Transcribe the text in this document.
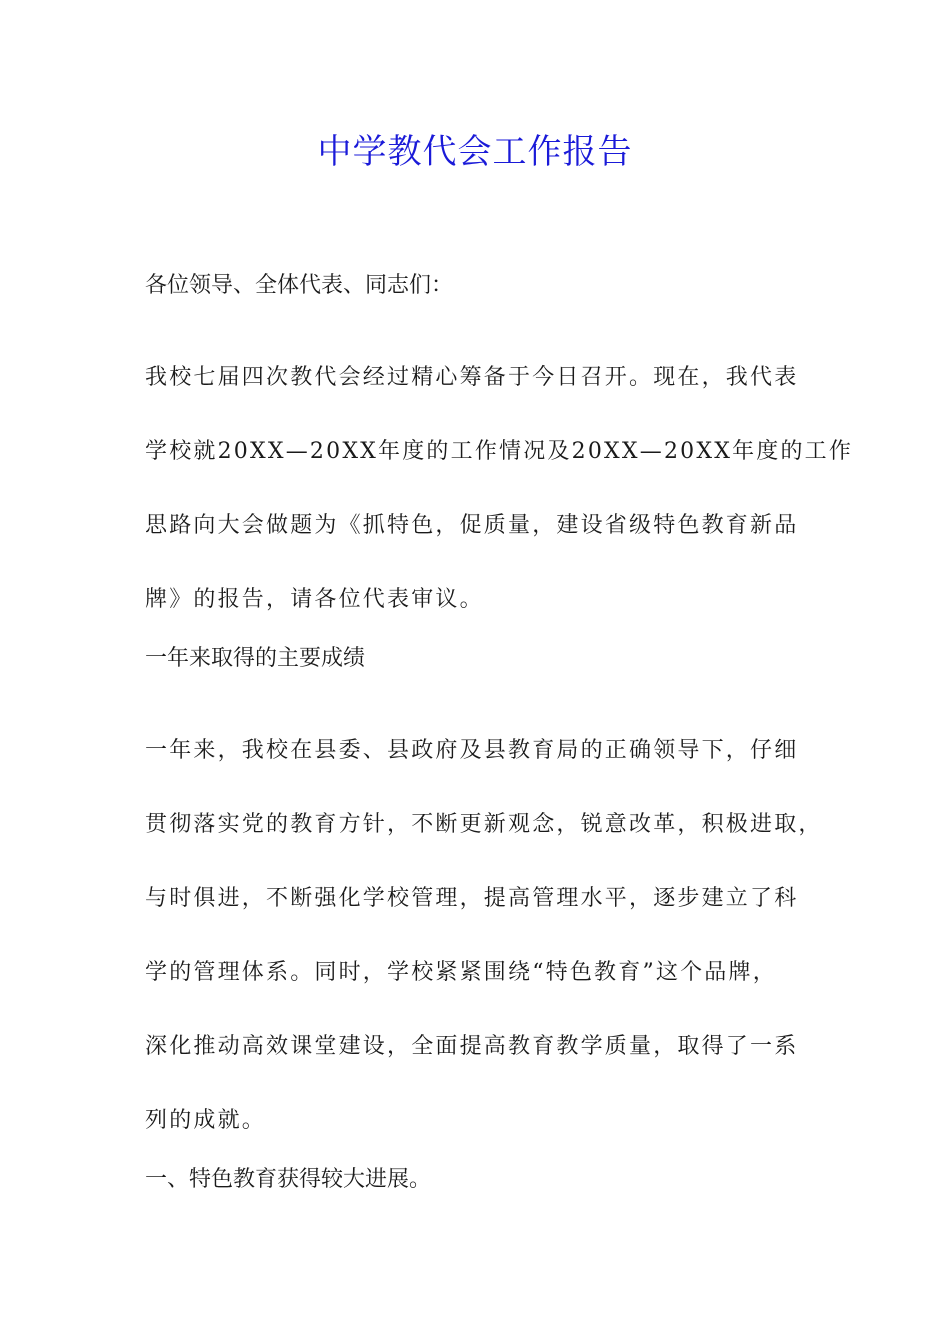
中学教代会工作报告
各位领导、全体代表、同志们：
我校七届四次教代会经过精心筹备于今日召开。现在，我代表
学校就20XX—20XX年度的工作情况及20XX—20XX年度的工作
思路向大会做题为《抓特色，促质量，建设省级特色教育新品
牌》的报告，请各位代表审议。
一年来取得的主要成绩
一年来，我校在县委、县政府及县教育局的正确领导下，仔细
贯彻落实党的教育方针，不断更新观念，锐意改革，积极进取，
与时俱进，不断强化学校管理，提高管理水平，逐步建立了科
学的管理体系。同时，学校紧紧围绕“特色教育”这个品牌，
深化推动高效课堂建设，全面提高教育教学质量，取得了一系
列的成就。
一、特色教育获得较大进展。
